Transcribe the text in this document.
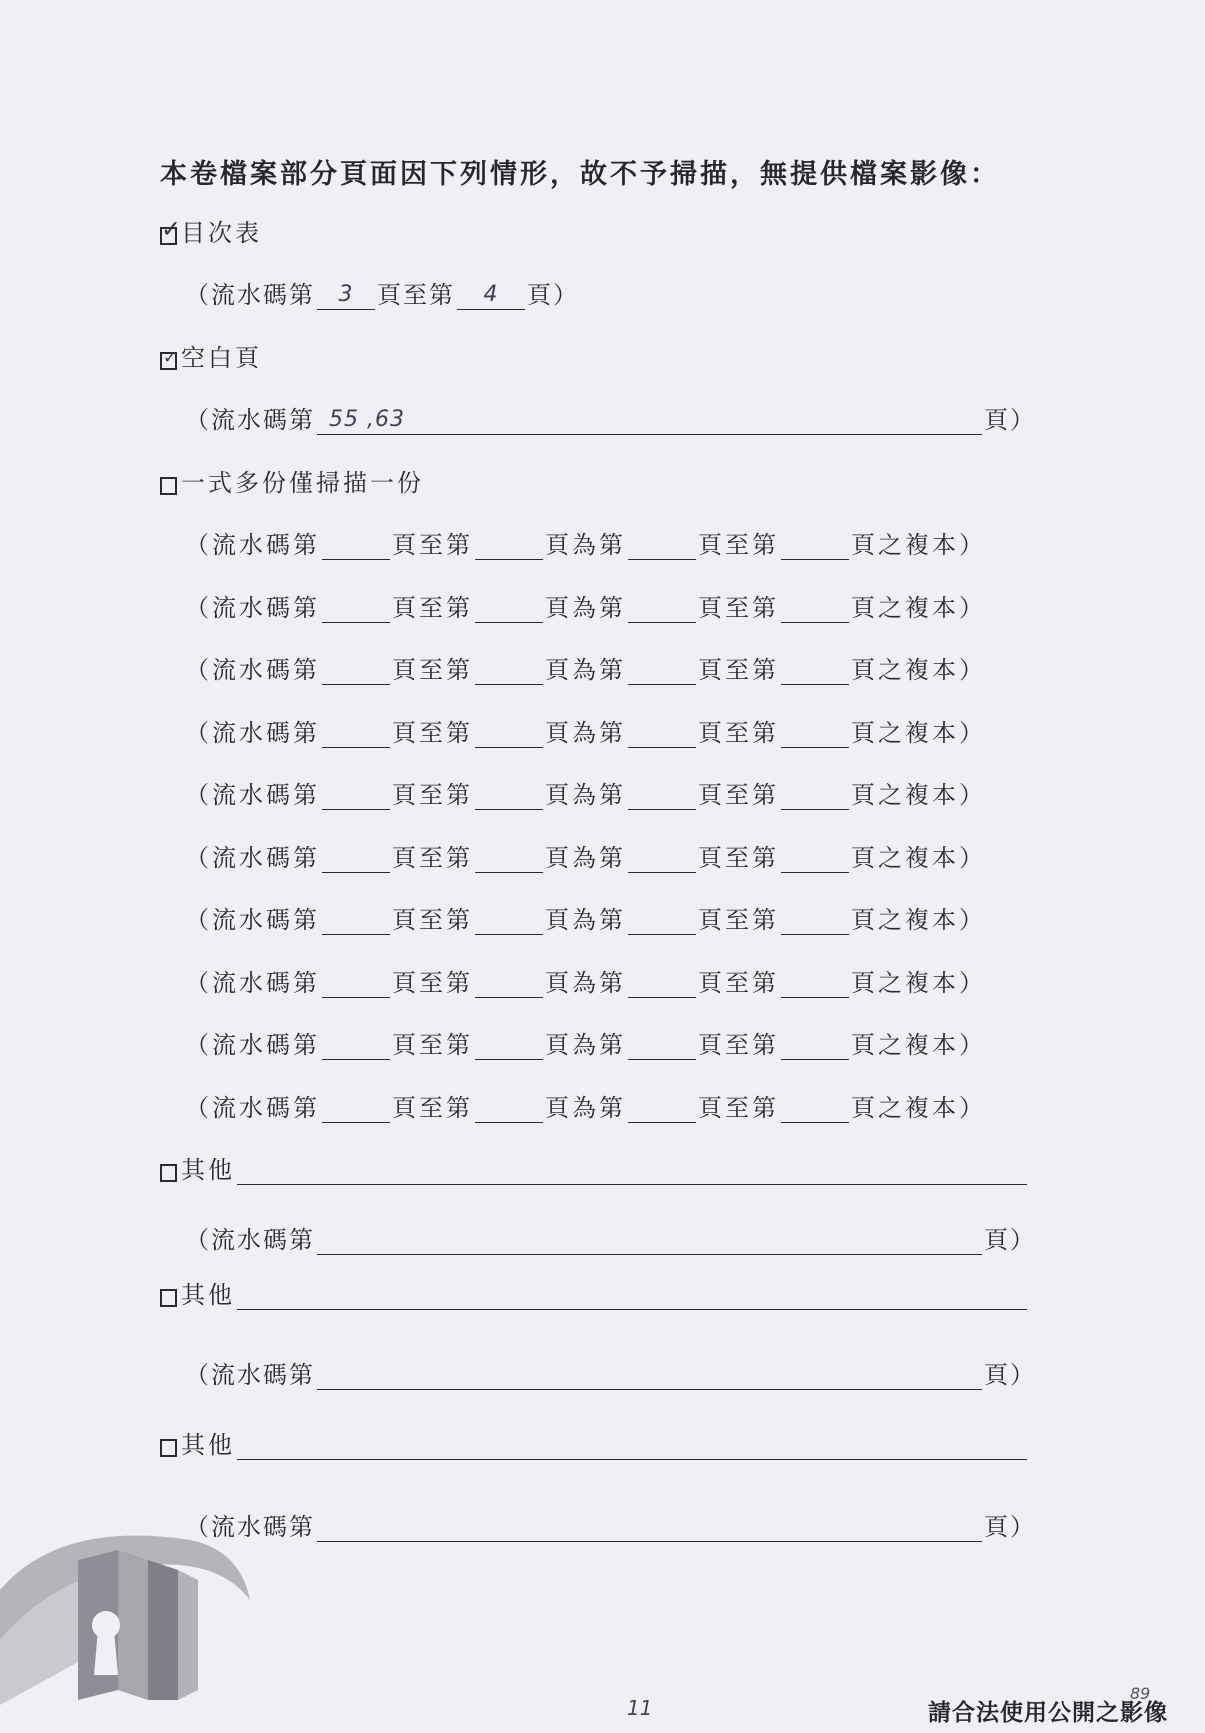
本卷檔案部分頁面因下列情形，故不予掃描，無提供檔案影像：
✓ 目次表
（流水碼第	3 頁至第	4	頁）
✓ 空白頁
（流水碼第 55 ,63	頁）
一式多份僅掃描一份
（流水碼第	頁至第	頁為第	頁至第	頁之複本）
（流水碼第	頁至第	頁為第	頁至第	頁之複本）
（流水碼第	頁至第	頁為第	頁至第	頁之複本）
（流水碼第	頁至第	頁為第	頁至第	頁之複本）
（流水碼第	頁至第	頁為第	頁至第	頁之複本）
（流水碼第	頁至第	頁為第	頁至第	頁之複本）
（流水碼第	頁至第	頁為第	頁至第	頁之複本）
（流水碼第	頁至第	頁為第	頁至第	頁之複本）
（流水碼第	頁至第	頁為第	頁至第	頁之複本）
（流水碼第	頁至第	頁為第	頁至第	頁之複本）
其他
（流水碼第	頁）
其他
（流水碼第	頁）
其他
（流水碼第	頁）
11	請合法使用公開之影像
89
